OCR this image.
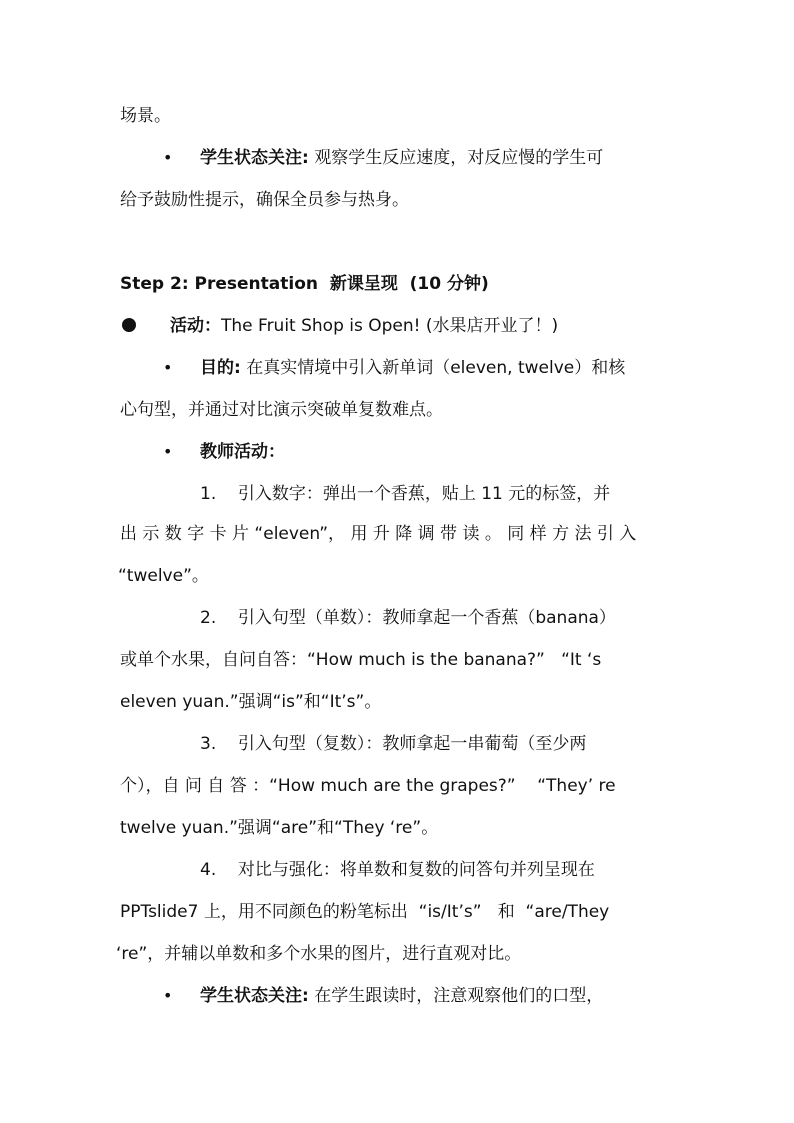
场景。
• 学生状态关注: 观察学生反应速度，对反应慢的学生可
给予鼓励性提示，确保全员参与热身。
Step 2: Presentation  新课呈现  (10 分钟)
活动：The Fruit Shop is Open! (水果店开业了！)
• 目的: 在真实情境中引入新单词（eleven, twelve）和核
心句型，并通过对比演示突破单复数难点。
• 教师活动：
1.    引入数字：弹出一个香蕉，贴上 11 元的标签，并
出 示 数 字 卡 片 “eleven”， 用 升 降 调 带 读 。 同 样 方 法 引 入
“twelve”。
2.    引入句型（单数）：教师拿起一个香蕉（banana）
或单个水果，自问自答：“How much is the banana?”   “It ‘s
eleven yuan.”强调“is”和“It’s”。
3.    引入句型（复数）：教师拿起一串葡萄（至少两
个），自 问 自 答 ：“How much are the grapes?”    “They’ re
twelve yuan.”强调“are”和“They ‘re”。
4.    对比与强化：将单数和复数的问答句并列呈现在
PPTslide7 上，用不同颜色的粉笔标出  “is/It’s”   和  “are/They
‘re”，并辅以单数和多个水果的图片，进行直观对比。
• 学生状态关注: 在学生跟读时，注意观察他们的口型，
